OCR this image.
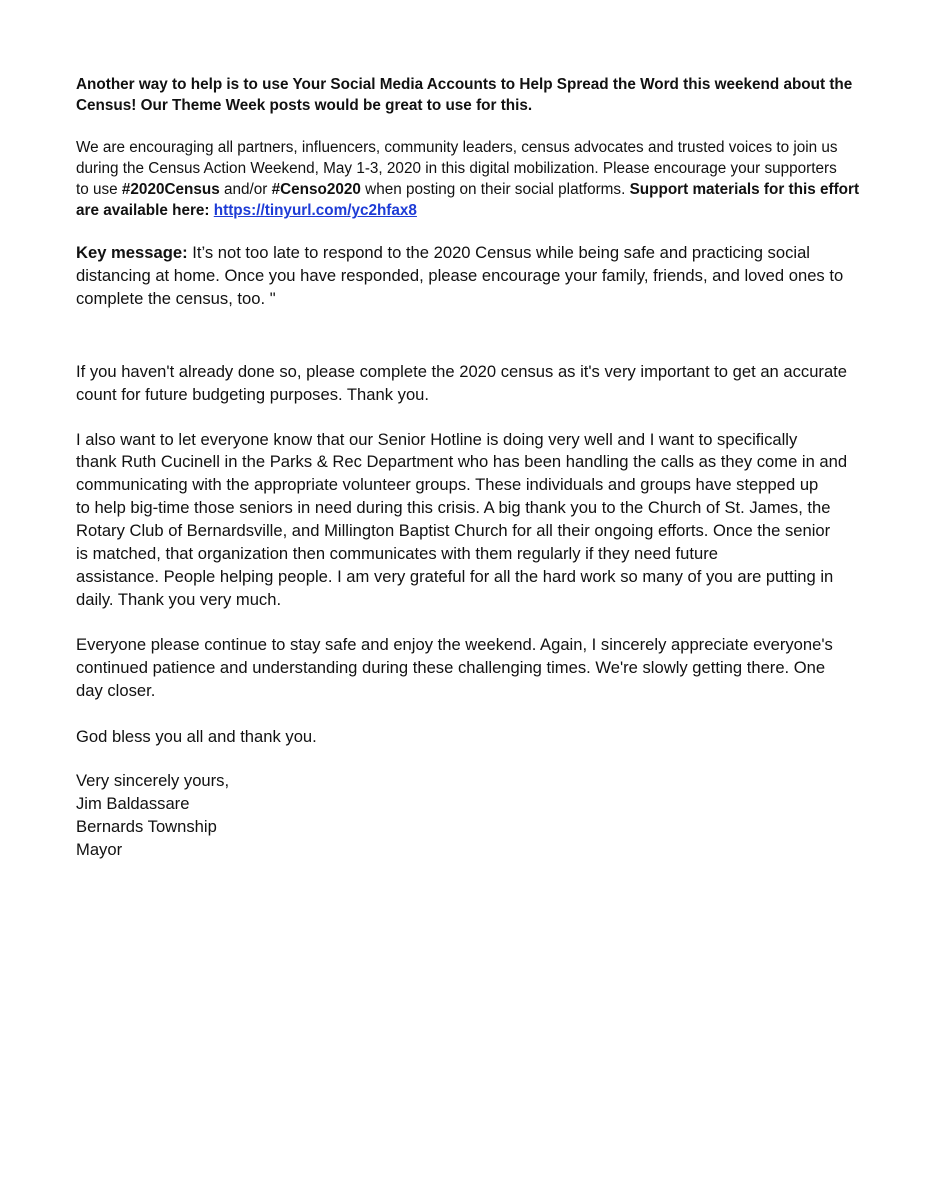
Another way to help is to use Your Social Media Accounts to Help Spread the Word this weekend about the
Census! Our Theme Week posts would be great to use for this.

We are encouraging all partners, influencers, community leaders, census advocates and trusted voices to join us
during the Census Action Weekend, May 1-3, 2020 in this digital mobilization. Please encourage your supporters
to use #2020Census and/or #Censo2020 when posting on their social platforms. Support materials for this effort
are available here: https://tinyurl.com/yc2hfax8

Key message: It’s not too late to respond to the 2020 Census while being safe and practicing social
distancing at home. Once you have responded, please encourage your family, friends, and loved ones to
complete the census, too. "

If you haven't already done so, please complete the 2020 census as it's very important to get an accurate
count for future budgeting purposes. Thank you.

I also want to let everyone know that our Senior Hotline is doing very well and I want to specifically
thank Ruth Cucinell in the Parks & Rec Department who has been handling the calls as they come in and
communicating with the appropriate volunteer groups. These individuals and groups have stepped up
to help big-time those seniors in need during this crisis. A big thank you to the Church of St. James, the
Rotary Club of Bernardsville, and Millington Baptist Church for all their ongoing efforts. Once the senior
is matched, that organization then communicates with them regularly if they need future
assistance. People helping people. I am very grateful for all the hard work so many of you are putting in
daily. Thank you very much.

Everyone please continue to stay safe and enjoy the weekend. Again, I sincerely appreciate everyone's
continued patience and understanding during these challenging times. We're slowly getting there. One
day closer.

God bless you all and thank you.

Very sincerely yours,
Jim Baldassare
Bernards Township
Mayor
